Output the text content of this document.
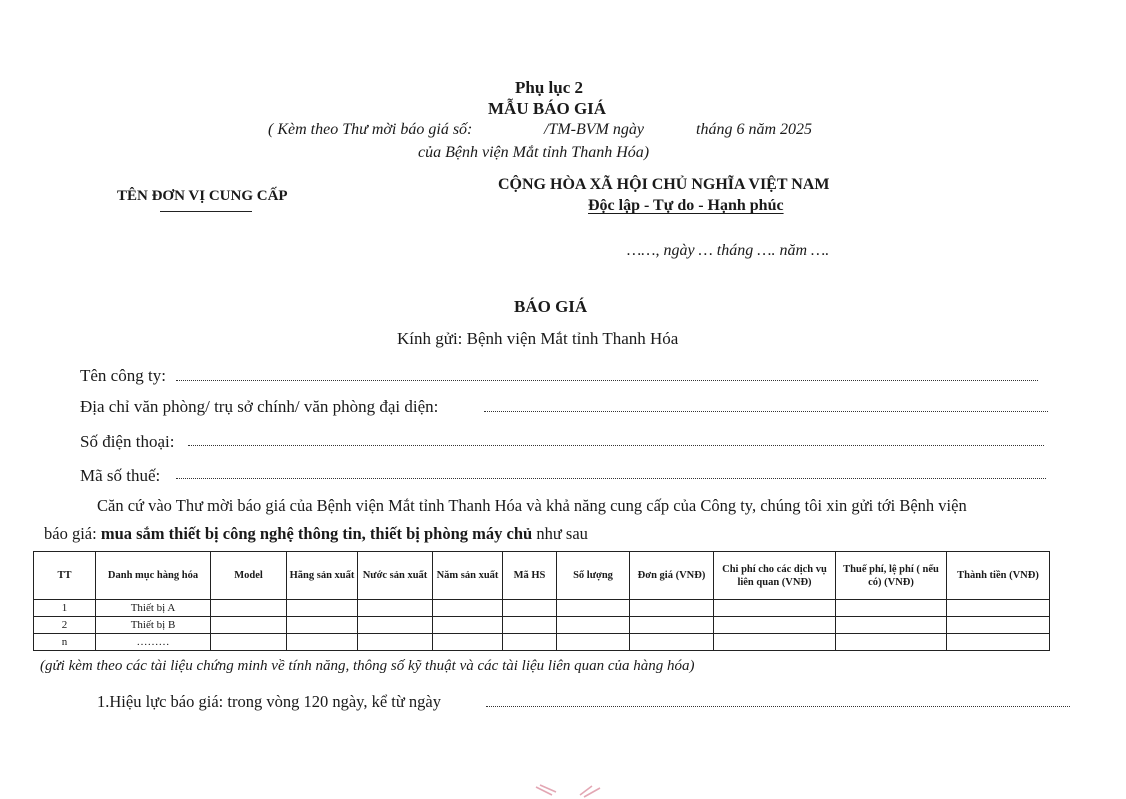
Phụ lục 2
MẪU BÁO GIÁ
( Kèm theo Thư mời báo giá số:	/TM-BVM ngày	tháng 6 năm 2025
của Bệnh viện Mắt tỉnh Thanh Hóa)
TÊN ĐƠN VỊ CUNG CẤP
CỘNG HÒA XÃ HỘI CHỦ NGHĨA VIỆT NAM
Độc lập - Tự do - Hạnh phúc
……, ngày … tháng …. năm ….
BÁO GIÁ
Kính gửi: Bệnh viện Mắt tỉnh Thanh Hóa
Tên công ty:
Địa chỉ văn phòng/ trụ sở chính/ văn phòng đại diện:
Số điện thoại:
Mã số thuế:
Căn cứ vào Thư mời báo giá của Bệnh viện Mắt tỉnh Thanh Hóa và khả năng cung cấp của Công ty, chúng tôi xin gửi tới Bệnh viện
báo giá: mua sắm thiết bị công nghệ thông tin, thiết bị phòng máy chủ như sau
TT	Danh mục hàng hóa	Model	Hãng sản xuất	Nước sản xuất	Năm sản xuất	Mã HS	Số lượng	Đơn giá (VNĐ)	Chi phí cho các dịch vụ liên quan (VNĐ)	Thuế phí, lệ phí ( nếu có) (VNĐ)	Thành tiền (VNĐ)
1	Thiết bị A										
2	Thiết bị B										
n	………										
(gửi kèm theo các tài liệu chứng minh về tính năng, thông số kỹ thuật và các tài liệu liên quan của hàng hóa)
1.Hiệu lực báo giá: trong vòng 120 ngày, kể từ ngày
